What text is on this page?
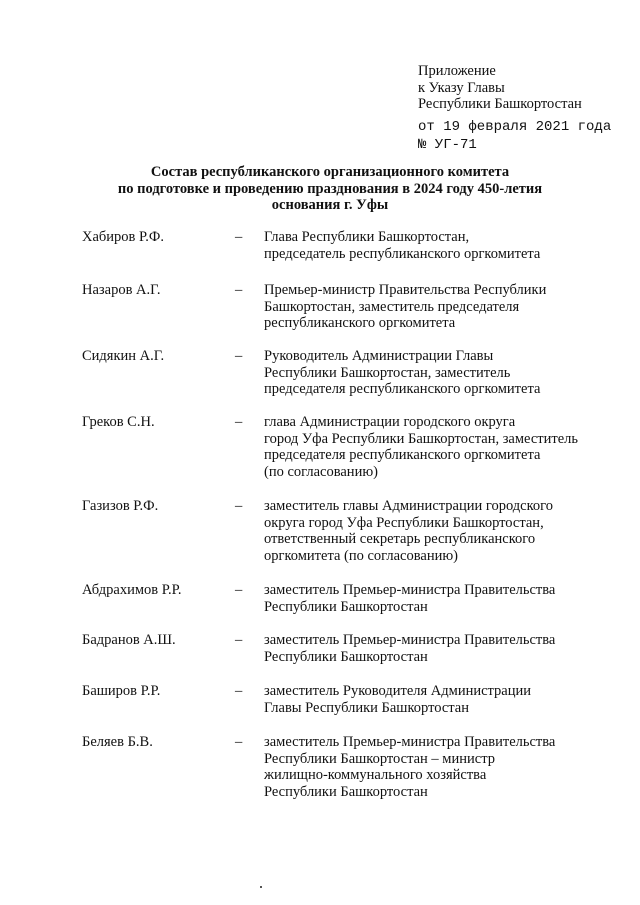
Приложение
к Указу Главы
Республики Башкортостан
от 19 февраля 2021 года
№ УГ-71
Состав республиканского организационного комитета
по подготовке и проведению празднования в 2024 году 450-летия
основания г. Уфы
Хабиров Р.Ф.	– Глава Республики Башкортостан,
председатель республиканского оргкомитета
Назаров А.Г.	– Премьер-министр Правительства Республики
Башкортостан, заместитель председателя
республиканского оргкомитета
Сидякин А.Г.	– Руководитель Администрации Главы
Республики Башкортостан, заместитель
председателя республиканского оргкомитета
Греков С.Н.	– глава Администрации городского округа
город Уфа Республики Башкортостан, заместитель
председателя республиканского оргкомитета
(по согласованию)
Газизов Р.Ф.	– заместитель главы Администрации городского
округа город Уфа Республики Башкортостан,
ответственный секретарь республиканского
оргкомитета (по согласованию)
Абдрахимов Р.Р.	– заместитель Премьер-министра Правительства
Республики Башкортостан
Бадранов А.Ш.	– заместитель Премьер-министра Правительства
Республики Башкортостан
Баширов Р.Р.	– заместитель Руководителя Администрации
Главы Республики Башкортостан
Беляев Б.В.	– заместитель Премьер-министра Правительства
Республики Башкортостан – министр
жилищно-коммунального хозяйства
Республики Башкортостан
